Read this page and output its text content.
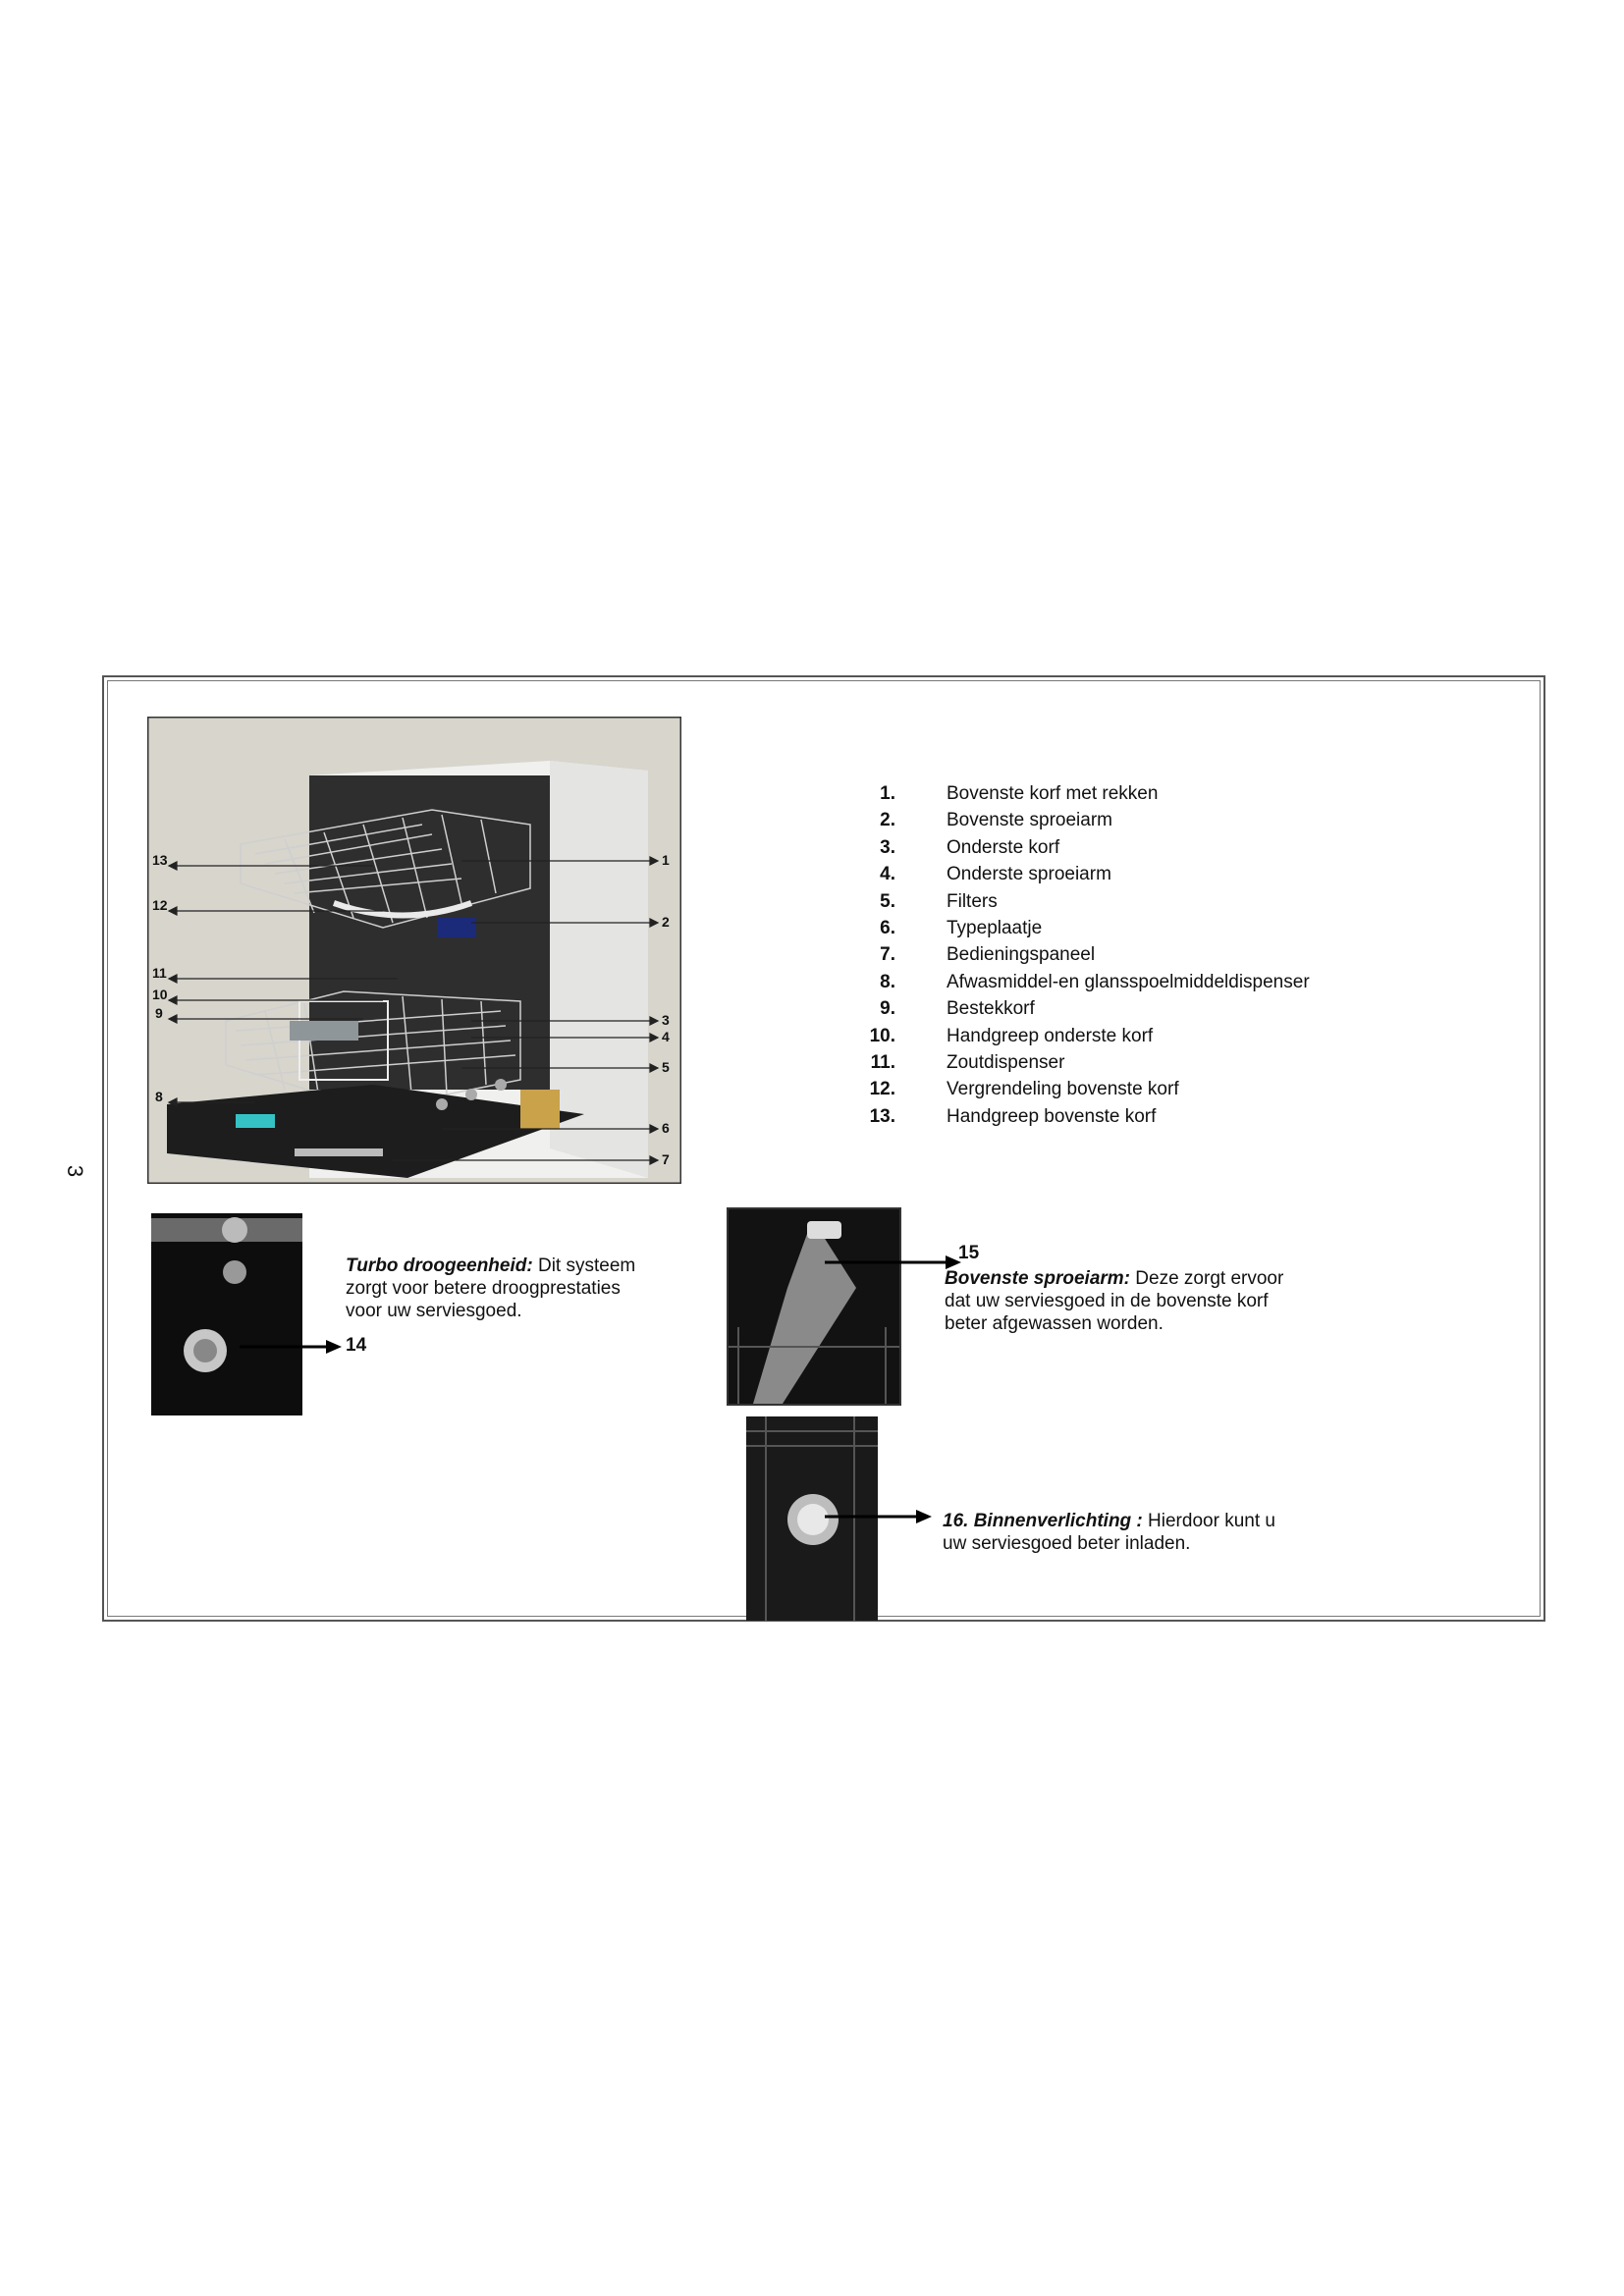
3
13
12
11
10
9
8
1
2
3
4
5
6
7
1.	Bovenste korf met rekken
2.	Bovenste sproeiarm
3.	Onderste korf
4.	Onderste sproeiarm
5.	Filters
6.	Typeplaatje
7.	Bedieningspaneel
8.	Afwasmiddel-en glansspoelmiddeldispenser
9.	Bestekkorf
10.	Handgreep onderste korf
11.	Zoutdispenser
12.	Vergrendeling bovenste korf
13.	Handgreep bovenste korf
14
Turbo droogeenheid: Dit systeem
zorgt voor betere droogprestaties
voor uw serviesgoed.
15
Bovenste sproeiarm: Deze zorgt ervoor
dat uw serviesgoed in de bovenste korf
beter afgewassen worden.
16. Binnenverlichting : Hierdoor kunt u
uw serviesgoed beter inladen.
